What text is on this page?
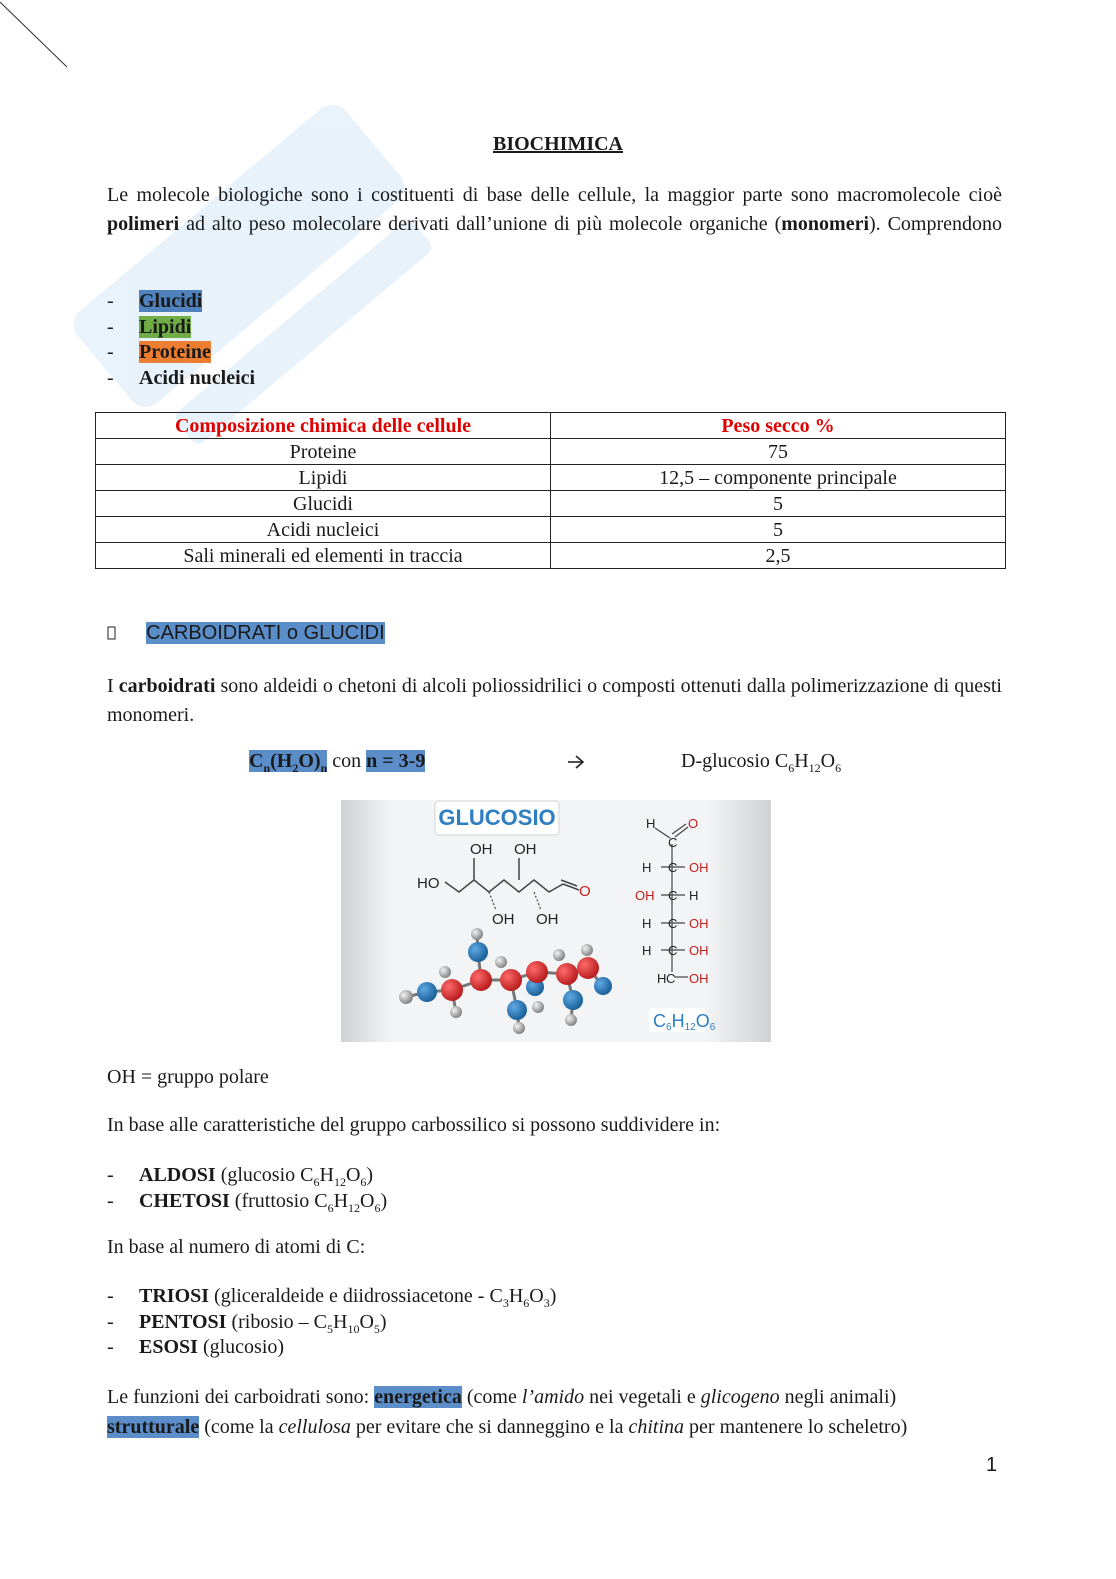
BIOCHIMICA
Le molecole biologiche sono i costituenti di base delle cellule, la maggior parte sono macromolecole cioè polimeri ad alto peso molecolare derivati dall’unione di più molecole organiche (monomeri). Comprendono
- Glucidi
- Lipidi
- Proteine
- Acidi nucleici
Composizione chimica delle cellule	Peso secco %
Proteine	75
Lipidi	12,5 – componente principale
Glucidi	5
Acidi nucleici	5
Sali minerali ed elementi in traccia	2,5
CARBOIDRATI o GLUCIDI
I carboidrati sono aldeidi o chetoni di alcoli poliossidrilici o composti ottenuti dalla polimerizzazione di questi monomeri.
$C_n(H_2O)_n$ con n = 3-9	D-glucosio $C_6H_{12}O_6$
GLUCOSIO
OH OH
HO
OH OH
O
H	O
C
H C OH
OH C H
H C OH
H C OH
H C OH
C6H12O6
OH = gruppo polare
In base alle caratteristiche del gruppo carbossilico si possono suddividere in:
- ALDOSI (glucosio $C_6H_{12}O_6$)
- CHETOSI (fruttosio $C_6H_{12}O_6$)
In base al numero di atomi di C:
- TRIOSI (gliceraldeide e diidrossiacetone - $C_3H_6O_3$)
- PENTOSI (ribosio – $C_5H_{10}O_5$)
- ESOSI (glucosio)
Le funzioni dei carboidrati sono: energetica (come l’amido nei vegetali e glicogeno negli animali)
strutturale (come la cellulosa per evitare che si danneggino e la chitina per mantenere lo scheletro)
1
